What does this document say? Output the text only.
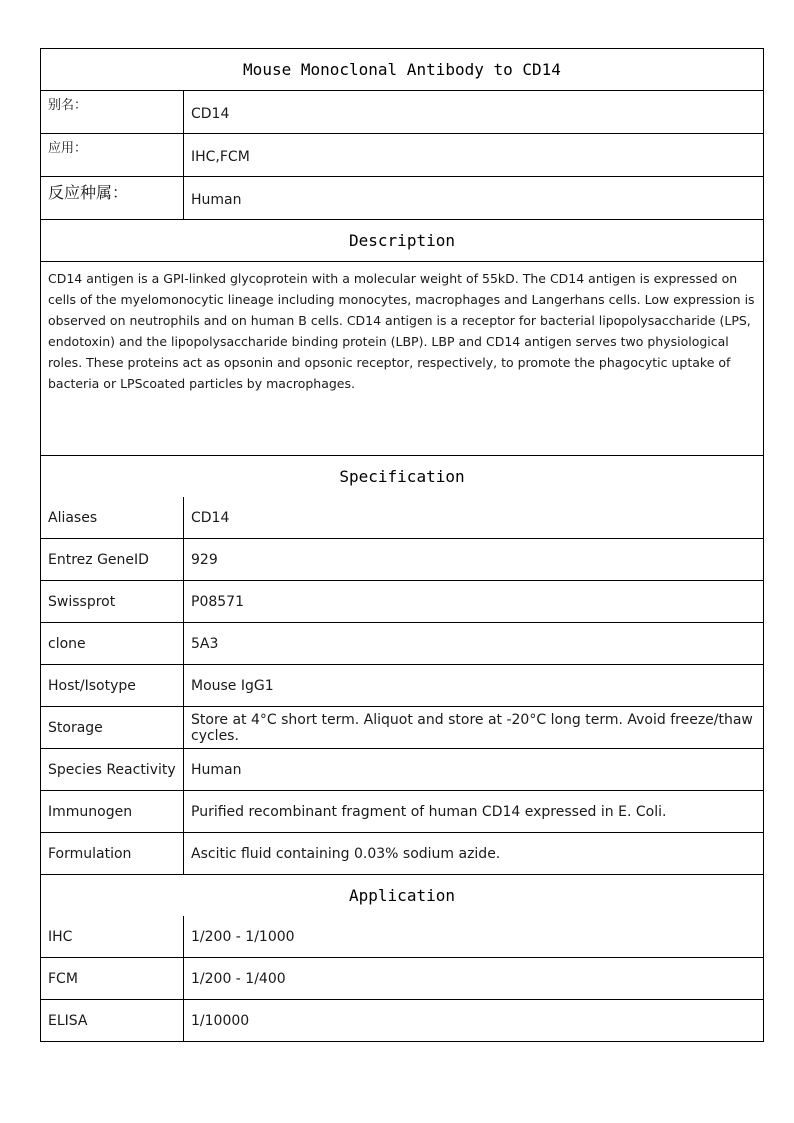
Mouse Monoclonal Antibody to CD14
别名：
CD14
应用：
IHC,FCM
反应种属：	Human
Description
CD14 antigen is a GPI-linked glycoprotein with a molecular weight of 55kD. The CD14 antigen is expressed on cells of the myelomonocytic lineage including monocytes, macrophages and Langerhans cells. Low expression is observed on neutrophils and on human B cells. CD14 antigen is a receptor for bacterial lipopolysaccharide (LPS, endotoxin) and the lipopolysaccharide binding protein (LBP). LBP and CD14 antigen serves two physiological roles. These proteins act as opsonin and opsonic receptor, respectively, to promote the phagocytic uptake of bacteria or LPScoated particles by macrophages.
Specification
Aliases	CD14
Entrez GeneID	929
Swissprot	P08571
clone	5A3
Host/Isotype	Mouse IgG1
Storage	Store at 4°C short term. Aliquot and store at -20°C long term. Avoid freeze/thaw cycles.
Species Reactivity	Human
Immunogen	Purified recombinant fragment of human CD14 expressed in E. Coli.
Formulation	Ascitic fluid containing 0.03% sodium azide.
Application
IHC	1/200 - 1/1000
FCM	1/200 - 1/400
ELISA	1/10000
